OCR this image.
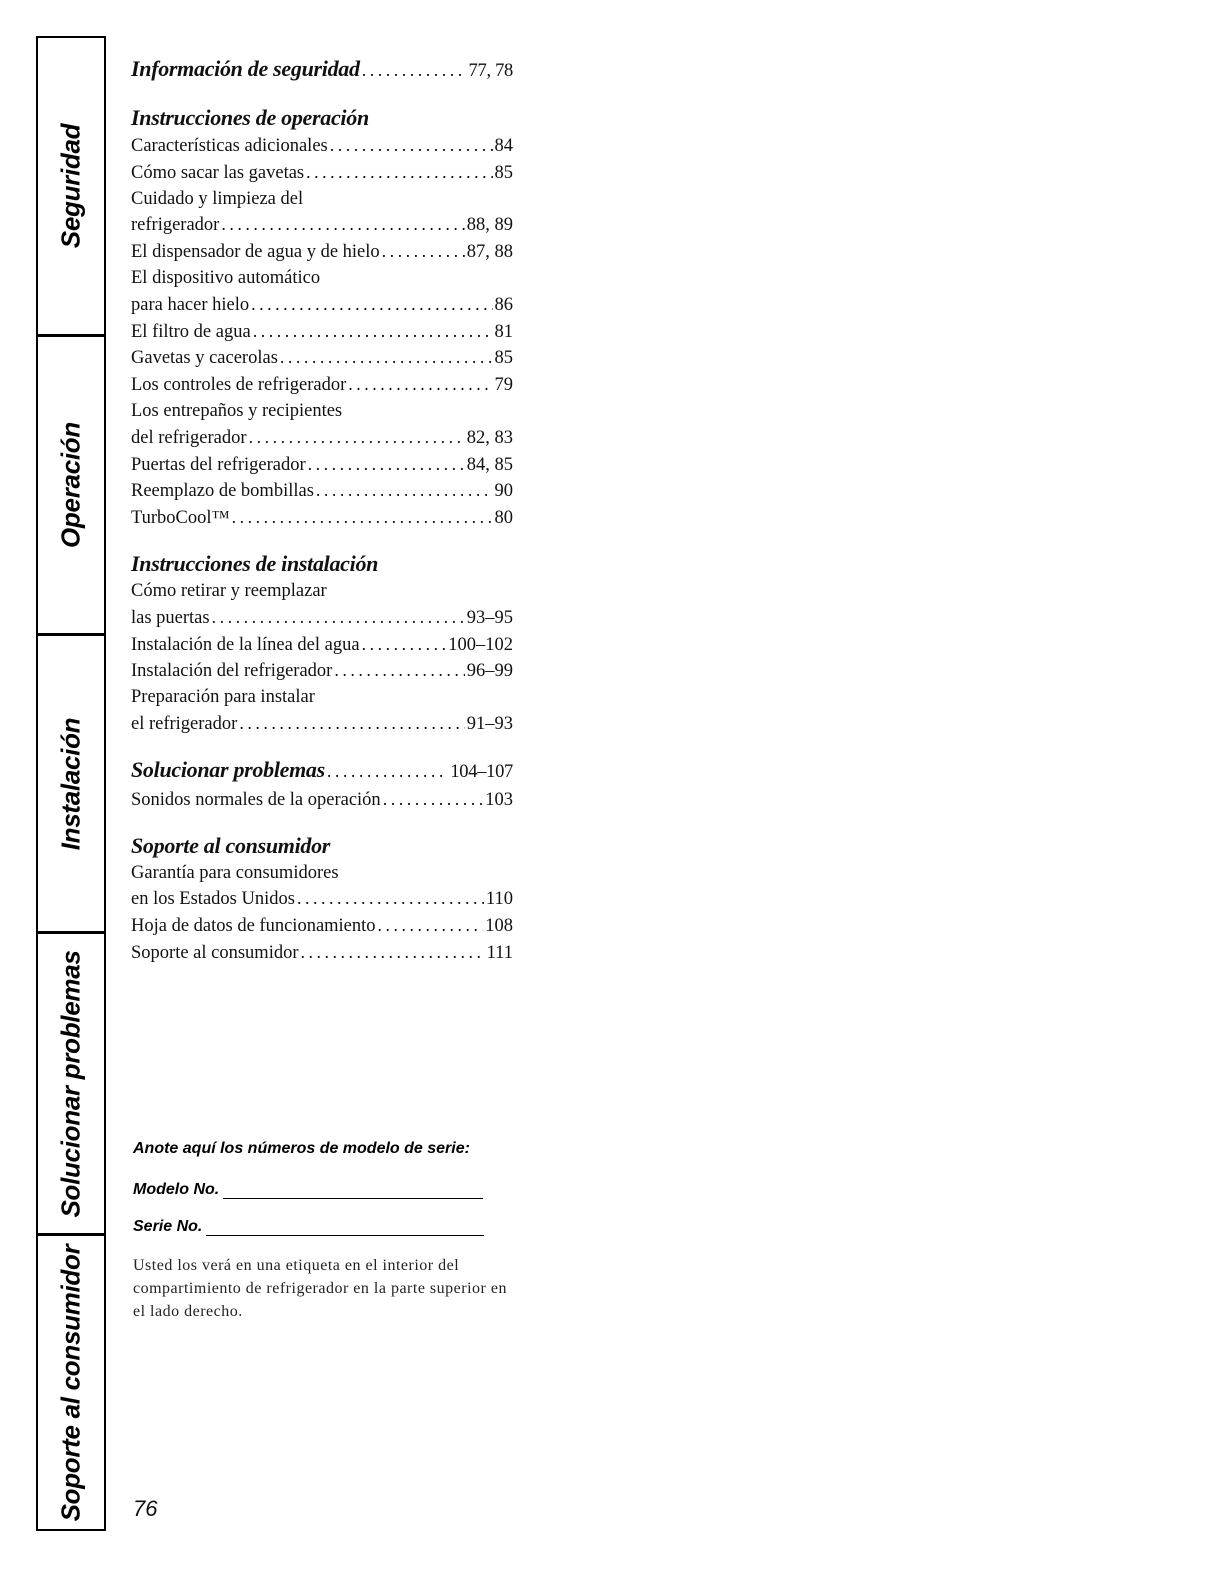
Seguridad
Operación
Instalación
Solucionar problemas
Soporte al consumidor
Información de seguridad . . .	77, 78
Instrucciones de operación
Características adicionales . . .	84
Cómo sacar las gavetas . . .	85
Cuidado y limpieza del
refrigerador . . .	88, 89
El dispensador de agua y de hielo . . .	87, 88
El dispositivo automático
para hacer hielo . . .	86
El filtro de agua . . .	81
Gavetas y cacerolas . . .	85
Los controles de refrigerador . . .	79
Los entrepaños y recipientes
del refrigerador . . .	82, 83
Puertas del refrigerador . . .	84, 85
Reemplazo de bombillas . . .	90
TurboCool™ . . .	80
Instrucciones de instalación
Cómo retirar y reemplazar
las puertas . . .	93–95
Instalación de la línea del agua . . .	100–102
Instalación del refrigerador . . .	96–99
Preparación para instalar
el refrigerador . . .	91–93
Solucionar problemas . . .	104–107
Sonidos normales de la operación . . .	103
Soporte al consumidor
Garantía para consumidores
en los Estados Unidos . . .	110
Hoja de datos de funcionamiento . . .	108
Soporte al consumidor . . .	111
Anote aquí los números de modelo de serie:
Modelo No.
Serie No.
Usted los verá en una etiqueta en el interior del compartimiento de refrigerador en la parte superior en el lado derecho.
76
